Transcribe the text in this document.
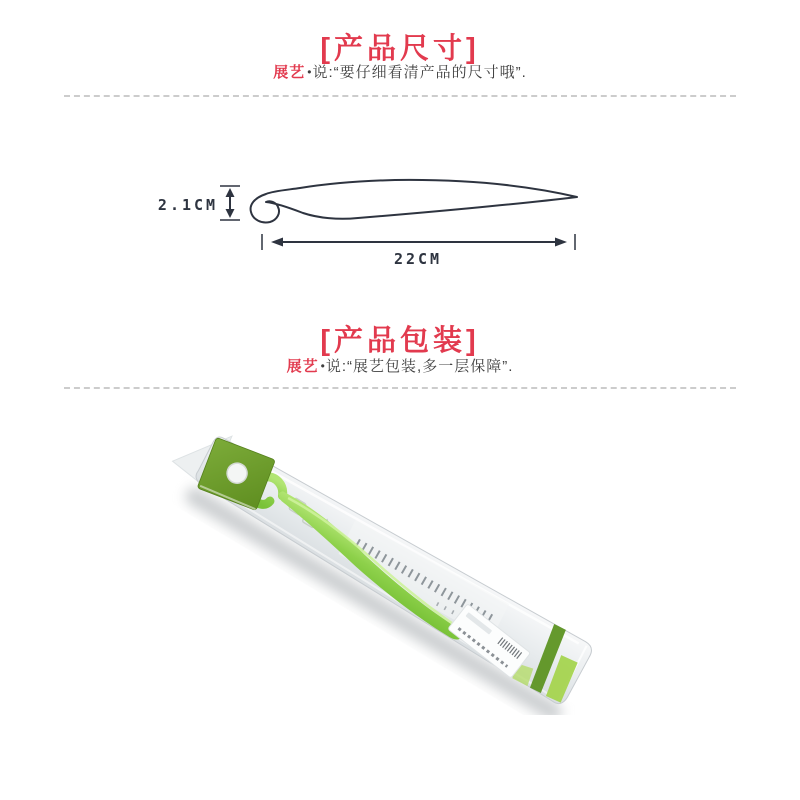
[产品尺寸]
展艺 •说:“要仔细看清产品的尺寸哦”.
2.1CM
22CM
[产品包装]
展艺 •说:“展艺包装,多一层保障”.
